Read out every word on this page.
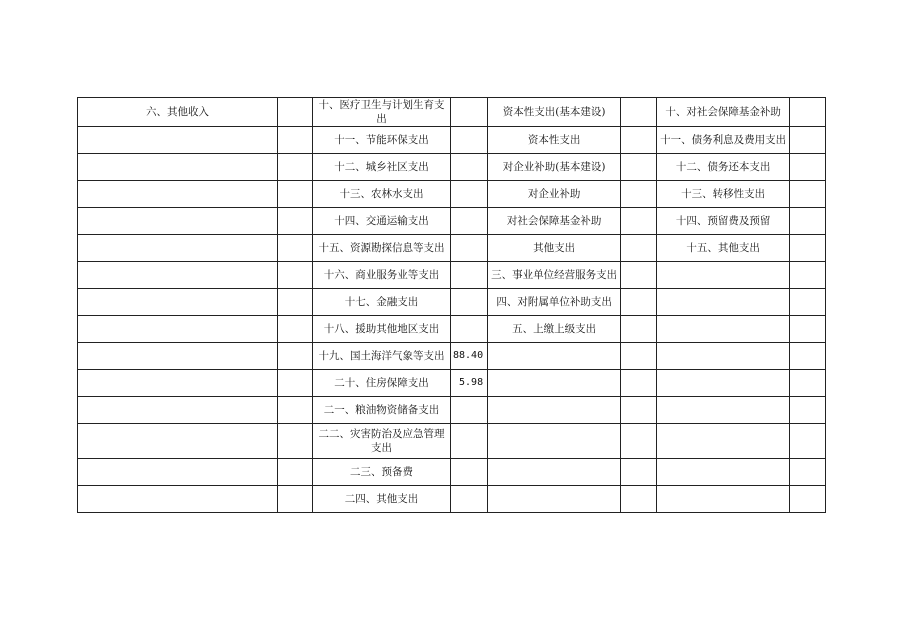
六、其他收入		十、医疗卫生与计划生育支出		资本性支出(基本建设)		十、对社会保障基金补助	
		十一、节能环保支出		资本性支出		十一、债务利息及费用支出	
		十二、城乡社区支出		对企业补助(基本建设)		十二、债务还本支出	
		十三、农林水支出		对企业补助		十三、转移性支出	
		十四、交通运输支出		对社会保障基金补助		十四、预留费及预留	
		十五、资源勘探信息等支出		其他支出		十五、其他支出	
		十六、商业服务业等支出		三、事业单位经营服务支出			
		十七、金融支出		四、对附属单位补助支出			
		十八、援助其他地区支出		五、上缴上级支出			
		十九、国土海洋气象等支出	88.40				
		二十、住房保障支出	5.98				
		二一、粮油物资储备支出					
		二二、灾害防治及应急管理支出					
		二三、预备费					
		二四、其他支出					
